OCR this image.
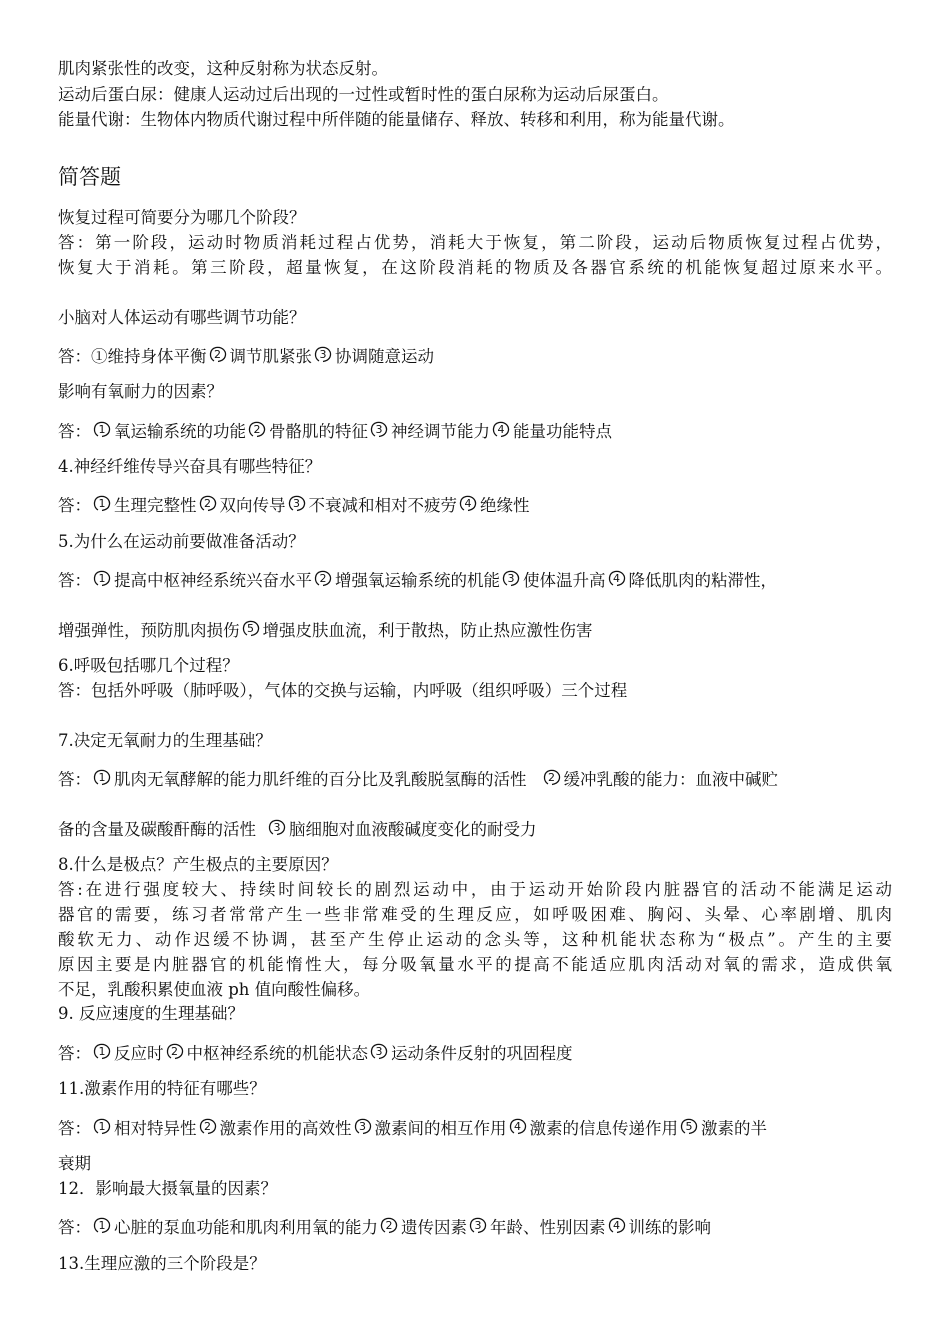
肌肉紧张性的改变，这种反射称为状态反射。
运动后蛋白尿：健康人运动过后出现的一过性或暂时性的蛋白尿称为运动后尿蛋白。
能量代谢：生物体内物质代谢过程中所伴随的能量储存、释放、转移和利用，称为能量代谢。
简答题
恢复过程可简要分为哪几个阶段？
答：第一阶段，运动时物质消耗过程占优势，消耗大于恢复，第二阶段，运动后物质恢复过程占优势，
恢复大于消耗。第三阶段，超量恢复，在这阶段消耗的物质及各器官系统的机能恢复超过原来水平。
小脑对人体运动有哪些调节功能？
答：①维持身体平衡 2 调节肌紧张 3 协调随意运动
影响有氧耐力的因素？
答： 1 氧运输系统的功能 2 骨骼肌的特征 3 神经调节能力 4 能量功能特点
4.神经纤维传导兴奋具有哪些特征？
答： 1 生理完整性 2 双向传导 3 不衰减和相对不疲劳 4 绝缘性
5.为什么在运动前要做准备活动？
答： 1 提高中枢神经系统兴奋水平 2 增强氧运输系统的机能 3 使体温升高 4 降低肌肉的粘滞性，
增强弹性，预防肌肉损伤 5 增强皮肤血流，利于散热，防止热应激性伤害
6.呼吸包括哪几个过程？
答：包括外呼吸（肺呼吸），气体的交换与运输，内呼吸（组织呼吸）三个过程
7.决定无氧耐力的生理基础？
答： 1 肌肉无氧酵解的能力肌纤维的百分比及乳酸脱氢酶的活性	2 缓冲乳酸的能力：血液中碱贮
备的含量及碳酸酐酶的活性	3 脑细胞对血液酸碱度变化的耐受力
8.什么是极点？产生极点的主要原因？
答:在进行强度较大、持续时间较长的剧烈运动中，由于运动开始阶段内脏器官的活动不能满足运动
器官的需要，练习者常常产生一些非常难受的生理反应，如呼吸困难、胸闷、头晕、心率剧增、肌肉
酸软无力、动作迟缓不协调，甚至产生停止运动的念头等，这种机能状态称为“极点”。产生的主要
原因主要是内脏器官的机能惰性大，每分吸氧量水平的提高不能适应肌肉活动对氧的需求，造成供氧
不足，乳酸积累使血液 ph 值向酸性偏移。
9. 反应速度的生理基础？
答： 1 反应时 2 中枢神经系统的机能状态 3 运动条件反射的巩固程度
11.激素作用的特征有哪些？
答： 1 相对特异性 2 激素作用的高效性 3 激素间的相互作用 4 激素的信息传递作用 5 激素的半
衰期
12．影响最大摄氧量的因素？
答： 1 心脏的泵血功能和肌肉利用氧的能力 2 遗传因素 3 年龄、性别因素 4 训练的影响
13.生理应激的三个阶段是？
